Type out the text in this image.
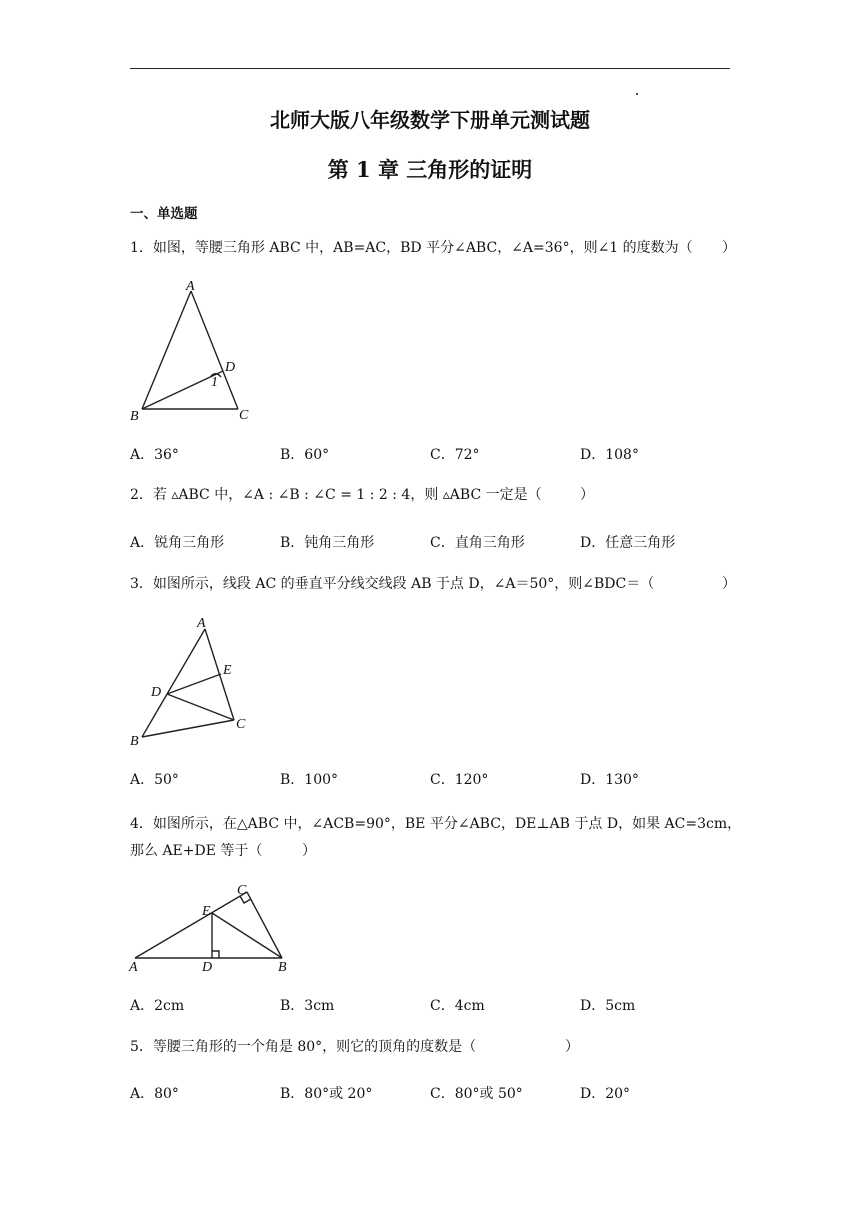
北师大版八年级数学下册单元测试题
第 1 章 三角形的证明
一、单选题
1．如图，等腰三角形 ABC 中，AB=AC，BD 平分∠ABC，∠A=36°，则∠1 的度数为（ ）
A
B	C
D
1
A．36°	B．60°	C．72°	D．108°
2．若 ▵ABC 中，∠A : ∠B : ∠C = 1 : 2 : 4，则 ▵ABC 一定是（	）
A．锐角三角形	B．钝角三角形	C．直角三角形	D．任意三角形
3．如图所示，线段 AC 的垂直平分线交线段 AB 于点 D，∠A＝50°，则∠BDC＝（	）
A
B
C
D
E
A．50°	B．100°	C．120°	D．130°
4．如图所示，在△ABC 中，∠ACB=90°，BE 平分∠ABC，DE⊥AB 于点 D，如果 AC=3cm，
那么 AE+DE 等于（	）
A	B
C
D
E
A．2cm	B．3cm	C．4cm	D．5cm
5．等腰三角形的一个角是 80°，则它的顶角的度数是（	）
A．80°	B．80°或 20°	C．80°或 50°	D．20°
